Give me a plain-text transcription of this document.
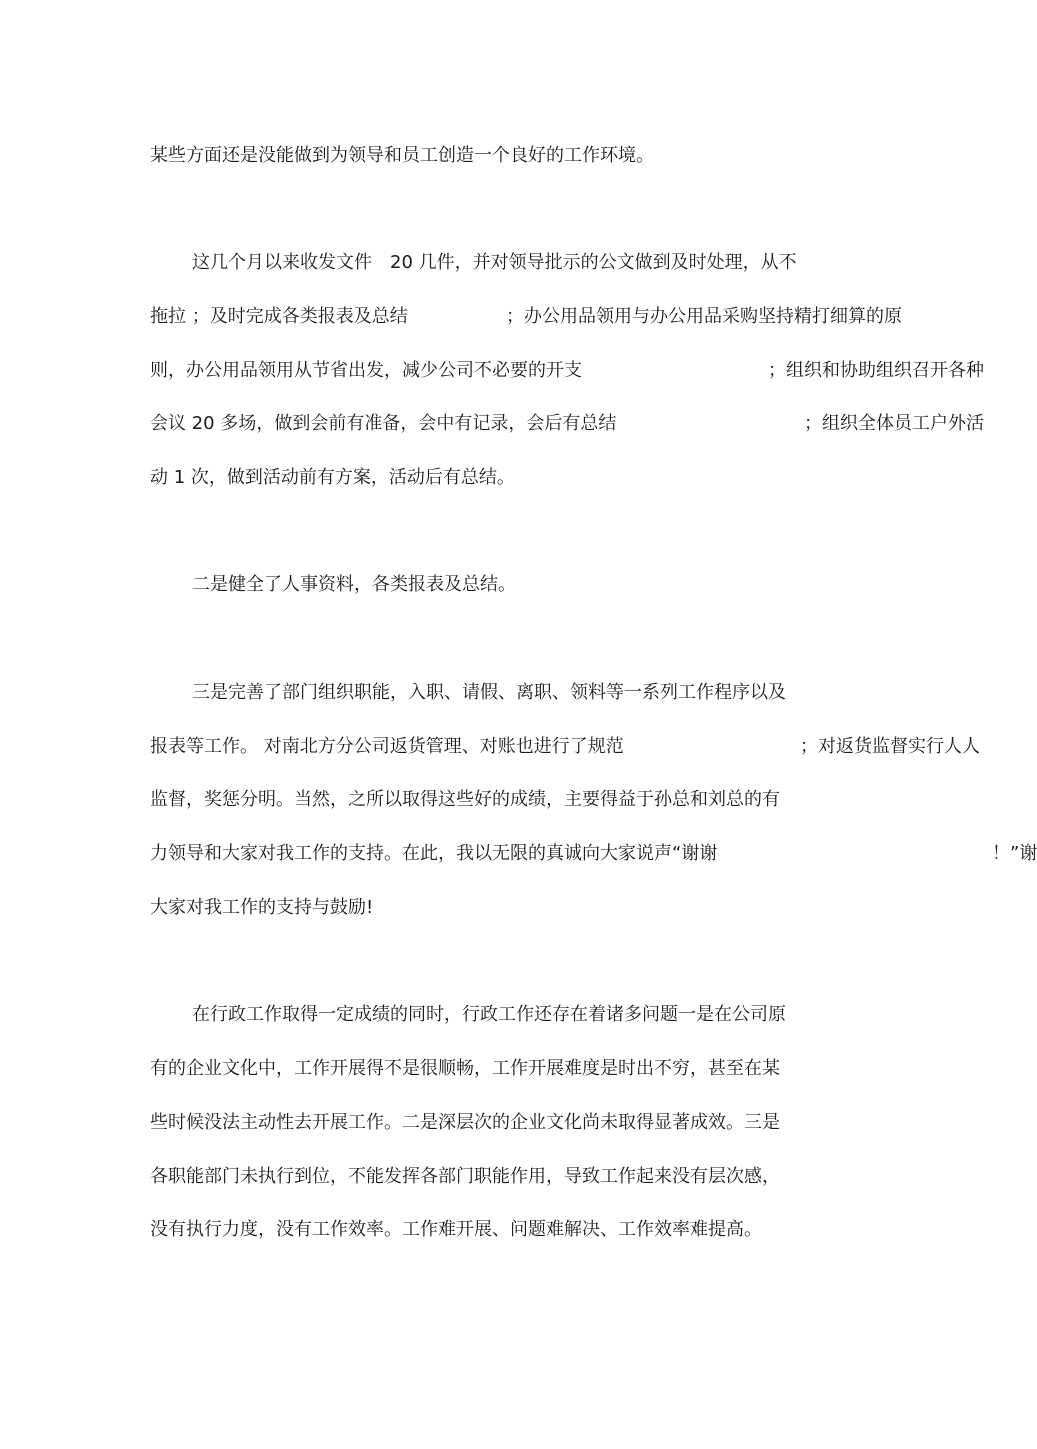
某些方面还是没能做到为领导和员工创造一个良好的工作环境。
这几个月以来收发文件　20 几件，并对领导批示的公文做到及时处理，从不
拖拉 ；及时完成各类报表及总结	；办公用品领用与办公用品采购坚持精打细算的原
则，办公用品领用从节省出发，减少公司不必要的开支	；组织和协助组织召开各种
会议 20 多场，做到会前有准备，会中有记录，会后有总结	；组织全体员工户外活
动 1 次，做到活动前有方案，活动后有总结。
二是健全了人事资料，各类报表及总结。
三是完善了部门组织职能，入职、请假、离职、领料等一系列工作程序以及
报表等工作。 对南北方分公司返货管理、对账也进行了规范	；对返货监督实行人人
监督，奖惩分明。当然，之所以取得这些好的成绩，主要得益于孙总和刘总的有
力领导和大家对我工作的支持。在此，我以无限的真诚向大家说声“谢谢	！”谢
大家对我工作的支持与鼓励!
在行政工作取得一定成绩的同时，行政工作还存在着诸多问题一是在公司原
有的企业文化中，工作开展得不是很顺畅，工作开展难度是时出不穷，甚至在某
些时候没法主动性去开展工作。二是深层次的企业文化尚未取得显著成效。三是
各职能部门未执行到位，不能发挥各部门职能作用，导致工作起来没有层次感，
没有执行力度，没有工作效率。工作难开展、问题难解决、工作效率难提高。
